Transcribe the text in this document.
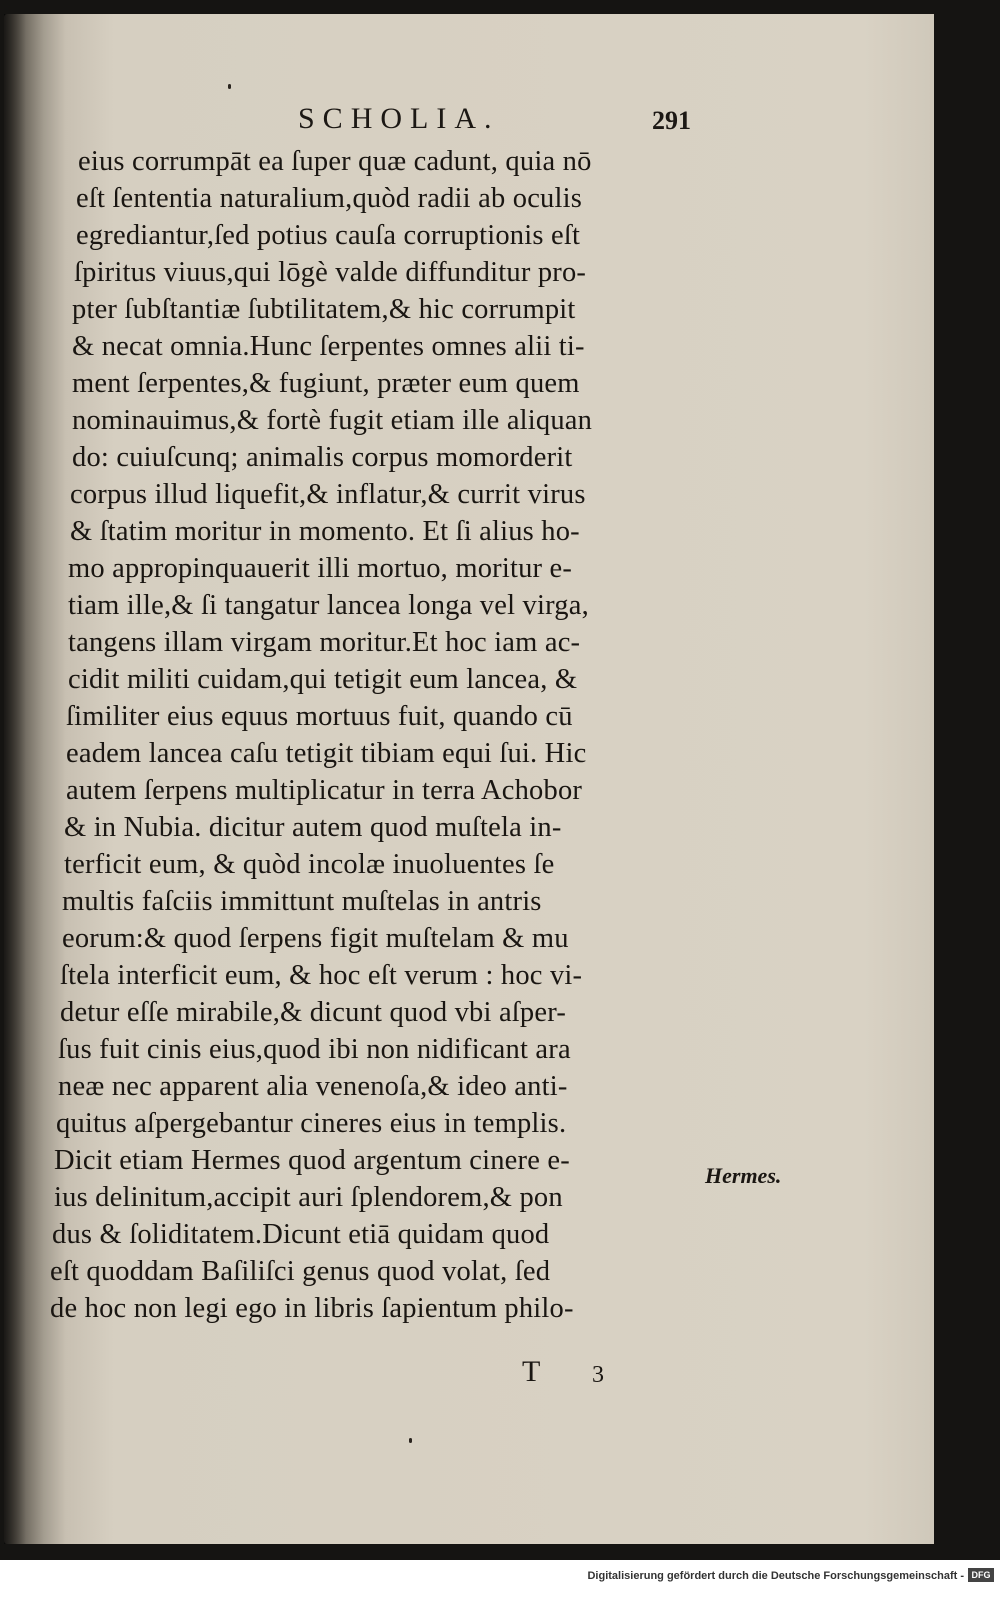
SCHOLIA.	291
eius corrumpāt ea ſuper quæ cadunt, quia nō
eſt ſententia naturalium,quòd radii ab oculis
egrediantur,ſed potius cauſa corruptionis eſt
ſpiritus viuus,qui lōgè valde diffunditur pro-
pter ſubſtantiæ ſubtilitatem,& hic corrumpit
& necat omnia.Hunc ſerpentes omnes alii ti-
ment ſerpentes,& fugiunt, præter eum quem
nominauimus,& fortè fugit etiam ille aliquan
do: cuiuſcunq; animalis corpus momorderit
corpus illud liquefit,& inflatur,& currit virus
& ſtatim moritur in momento. Et ſi alius ho-
mo appropinquauerit illi mortuo, moritur e-
tiam ille,& ſi tangatur lancea longa vel virga,
tangens illam virgam moritur.Et hoc iam ac-
cidit militi cuidam,qui tetigit eum lancea, &
ſimiliter eius equus mortuus fuit, quando cū
eadem lancea caſu tetigit tibiam equi ſui. Hic
autem ſerpens multiplicatur in terra Achobor
& in Nubia. dicitur autem quod muſtela in-
terficit eum, & quòd incolæ inuoluentes ſe
multis faſciis immittunt muſtelas in antris
eorum:& quod ſerpens figit muſtelam & mu
ſtela interficit eum, & hoc eſt verum : hoc vi-
detur eſſe mirabile,& dicunt quod vbi aſper-
ſus fuit cinis eius,quod ibi non nidificant ara
neæ nec apparent alia venenoſa,& ideo anti-
quitus aſpergebantur cineres eius in templis.
Dicit etiam Hermes quod argentum cinere e-
ius delinitum,accipit auri ſplendorem,& pon
dus & ſoliditatem.Dicunt etiā quidam quod
eſt quoddam Baſiliſci genus quod volat, ſed
de hoc non legi ego in libris ſapientum philo-
Hermes.
T 3
Digitalisierung gefördert durch die Deutsche Forschungsgemeinschaft - DFG
